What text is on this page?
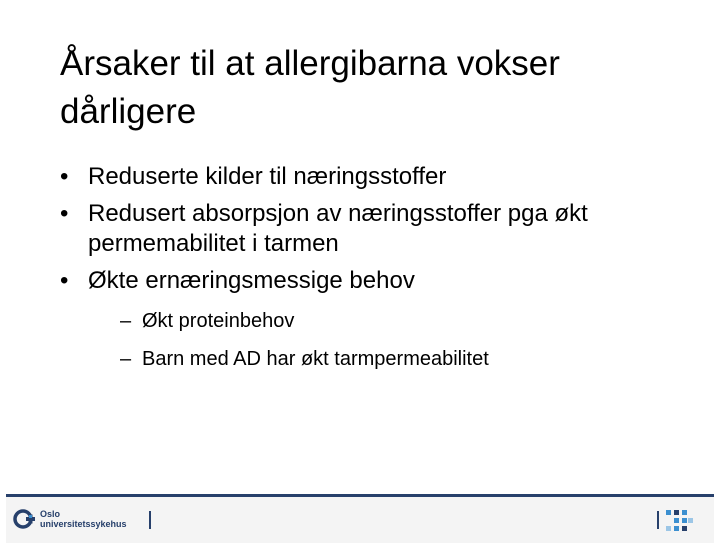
Årsaker til at allergibarna vokser
dårligere
• Reduserte kilder til næringsstoffer
• Redusert absorpsjon av næringsstoffer pga økt permemabilitet i tarmen
• Økte ernæringsmessige behov
– Økt proteinbehov
– Barn med AD har økt tarmpermeabilitet
Oslo
universitetssykehus
